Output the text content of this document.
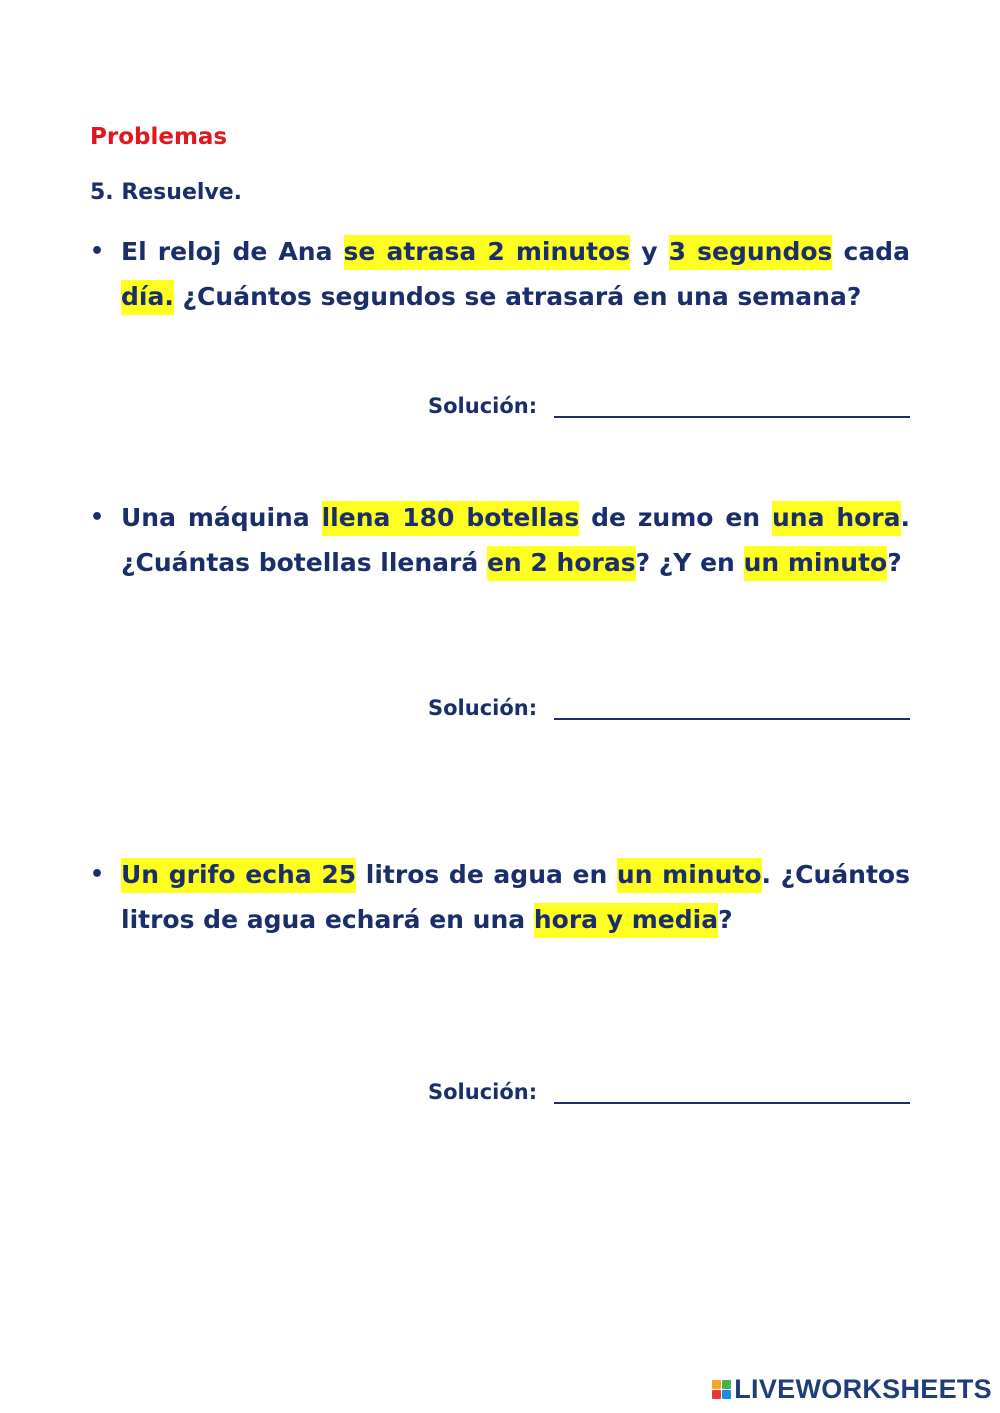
Problemas

5. Resuelve.

• El reloj de Ana se atrasa 2 minutos y 3 segundos cada día. ¿Cuántos segundos se atrasará en una semana?

Solución:
• Una máquina llena 180 botellas de zumo en una hora. ¿Cuántas botellas llenará en 2 horas? ¿Y en un minuto?

Solución:
• Un grifo echa 25 litros de agua en un minuto. ¿Cuántos litros de agua echará en una hora y media?

Solución:
LIVEWORKSHEETS
